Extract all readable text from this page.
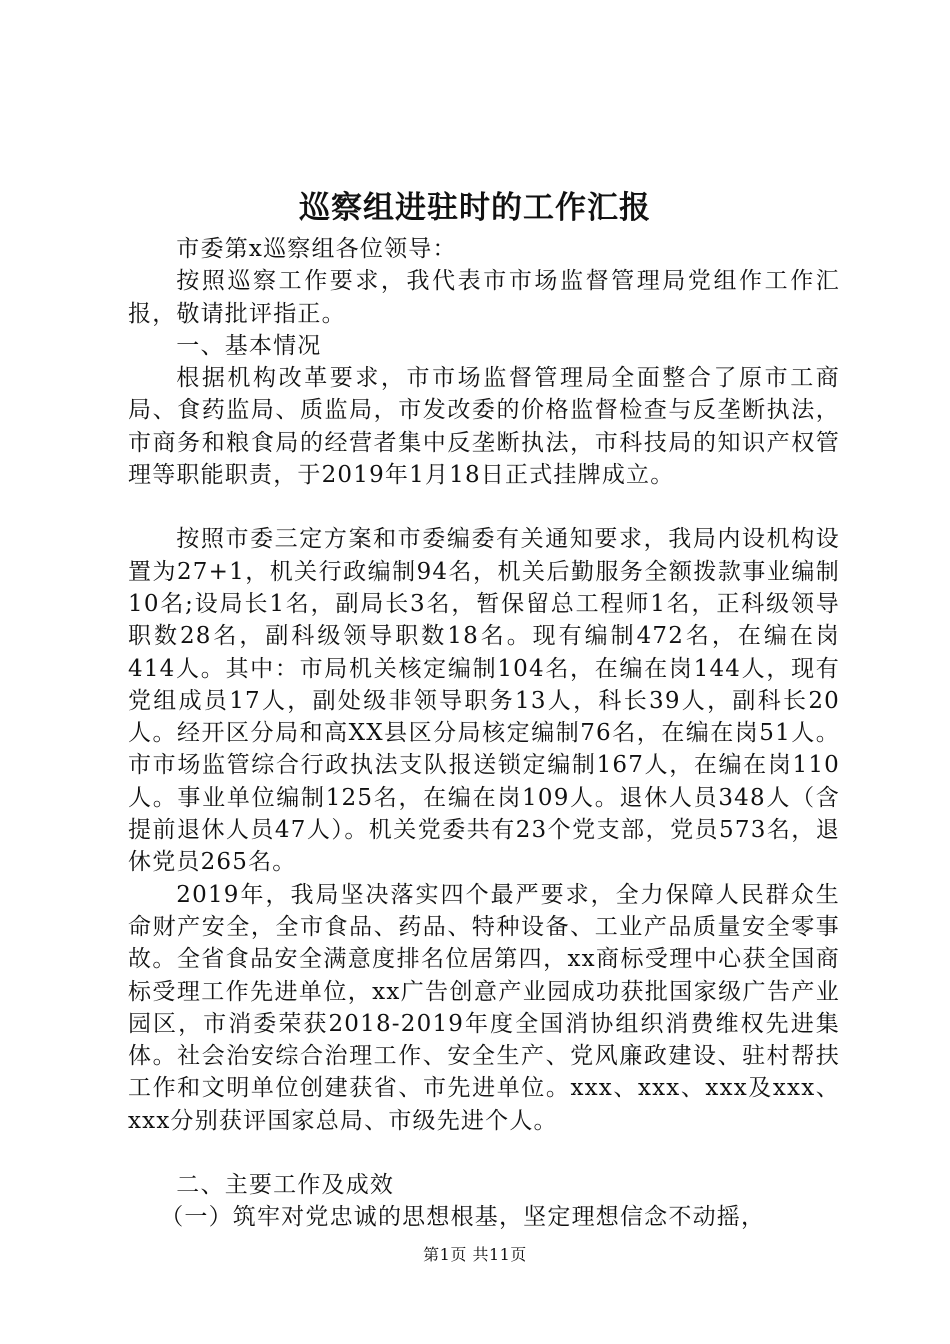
巡察组进驻时的工作汇报

市委第x巡察组各位领导：

按照巡察工作要求，我代表市市场监督管理局党组作工作汇报，敬请批评指正。

一、基本情况

根据机构改革要求，市市场监督管理局全面整合了原市工商局、食药监局、质监局，市发改委的价格监督检查与反垄断执法，市商务和粮食局的经营者集中反垄断执法，市科技局的知识产权管理等职能职责，于2019年1月18日正式挂牌成立。

按照市委三定方案和市委编委有关通知要求，我局内设机构设置为27+1，机关行政编制94名，机关后勤服务全额拨款事业编制10名;设局长1名，副局长3名，暂保留总工程师1名，正科级领导职数28名，副科级领导职数18名。现有编制472名，在编在岗414人。其中：市局机关核定编制104名，在编在岗144人，现有党组成员17人，副处级非领导职务13人，科长39人，副科长20人。经开区分局和高XX县区分局核定编制76名，在编在岗51人。市市场监管综合行政执法支队报送锁定编制167人，在编在岗110人。事业单位编制125名，在编在岗109人。退休人员348人（含提前退休人员47人）。机关党委共有23个党支部，党员573名，退休党员265名。

2019年，我局坚决落实四个最严要求，全力保障人民群众生命财产安全，全市食品、药品、特种设备、工业产品质量安全零事故。全省食品安全满意度排名位居第四，xx商标受理中心获全国商标受理工作先进单位，xx广告创意产业园成功获批国家级广告产业园区，市消委荣获2018-2019年度全国消协组织消费维权先进集体。社会治安综合治理工作、安全生产、党风廉政建设、驻村帮扶工作和文明单位创建获省、市先进单位。xxx、xxx、xxx及xxx、xxx分别获评国家总局、市级先进个人。

二、主要工作及成效

（一）筑牢对党忠诚的思想根基，坚定理想信念不动摇，

第1页 共11页
